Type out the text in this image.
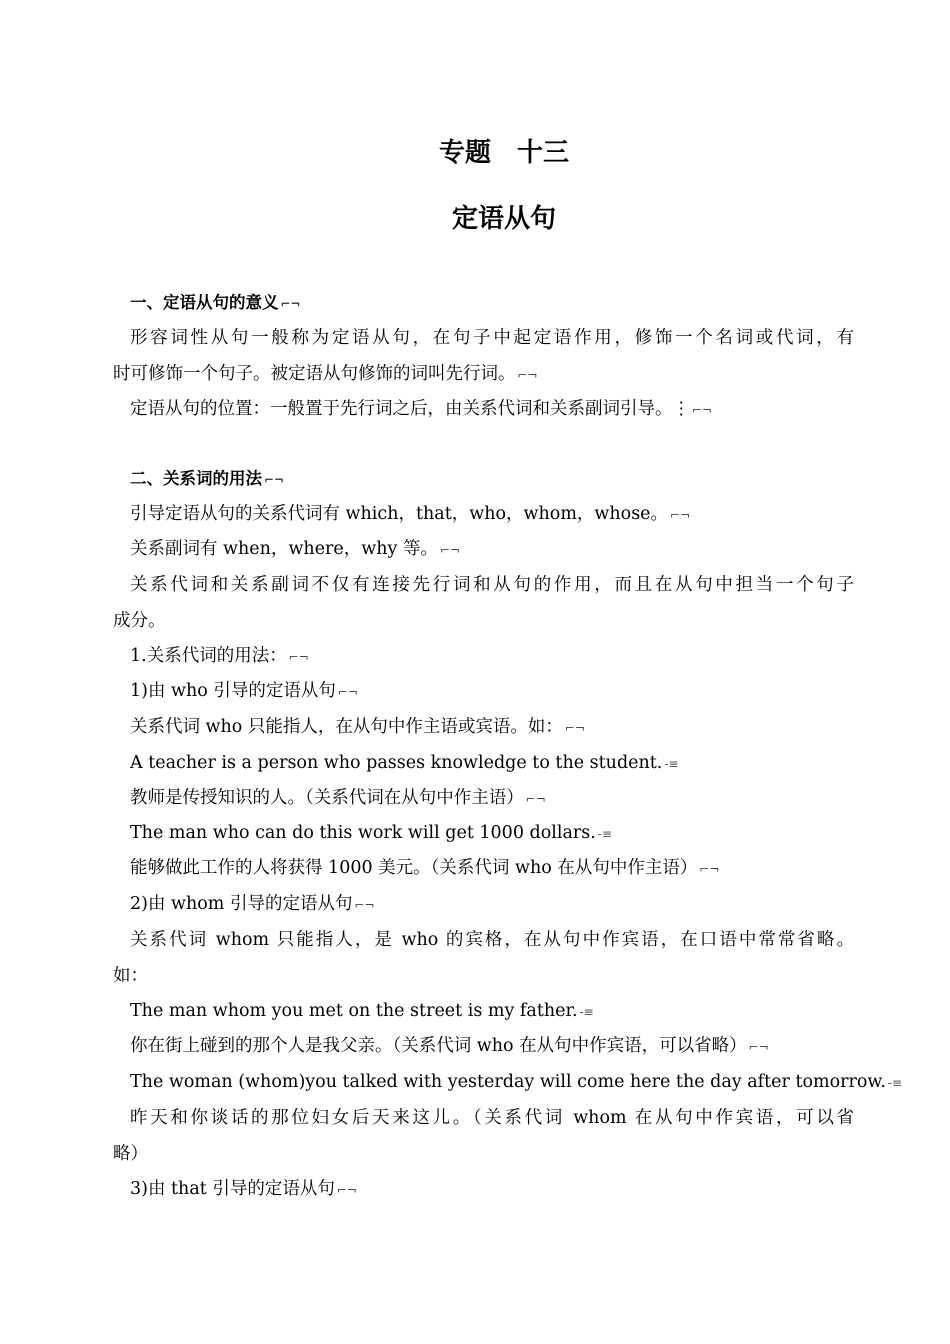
专题　十三
定语从句

一、定语从句的意义 ⌐¬

形容词性从句一般称为定语从句，在句子中起定语作用，修饰一个名词或代词，有

时可修饰一个句子。被定语从句修饰的词叫先行词。 ⌐¬

定语从句的位置：一般置于先行词之后，由关系代词和关系副词引导。⋮ ⌐¬

二、关系词的用法 ⌐¬

引导定语从句的关系代词有 which，that，who，whom，whose。 ⌐¬

关系副词有 when，where，why 等。 ⌐¬

关系代词和关系副词不仅有连接先行词和从句的作用，而且在从句中担当一个句子

成分。

1.关系代词的用法： ⌐¬

1)由 who 引导的定语从句 ⌐¬

关系代词 who 只能指人，在从句中作主语或宾语。如： ⌐¬

A teacher is a person who passes knowledge to the student. -≡

教师是传授知识的人。（关系代词在从句中作主语） ⌐¬

The man who can do this work will get 1000 dollars. -≡

能够做此工作的人将获得 1000 美元。（关系代词 who 在从句中作主语） ⌐¬

2)由 whom 引导的定语从句 ⌐¬

关系代词 whom 只能指人，是 who 的宾格，在从句中作宾语，在口语中常常省略。

如：

The man whom you met on the street is my father. -≡

你在街上碰到的那个人是我父亲。（关系代词 who 在从句中作宾语，可以省略） ⌐¬

The woman (whom)you talked with yesterday will come here the day after tomorrow. -≡

昨天和你谈话的那位妇女后天来这儿。（关系代词 whom 在从句中作宾语，可以省

略）

3)由 that 引导的定语从句 ⌐¬
